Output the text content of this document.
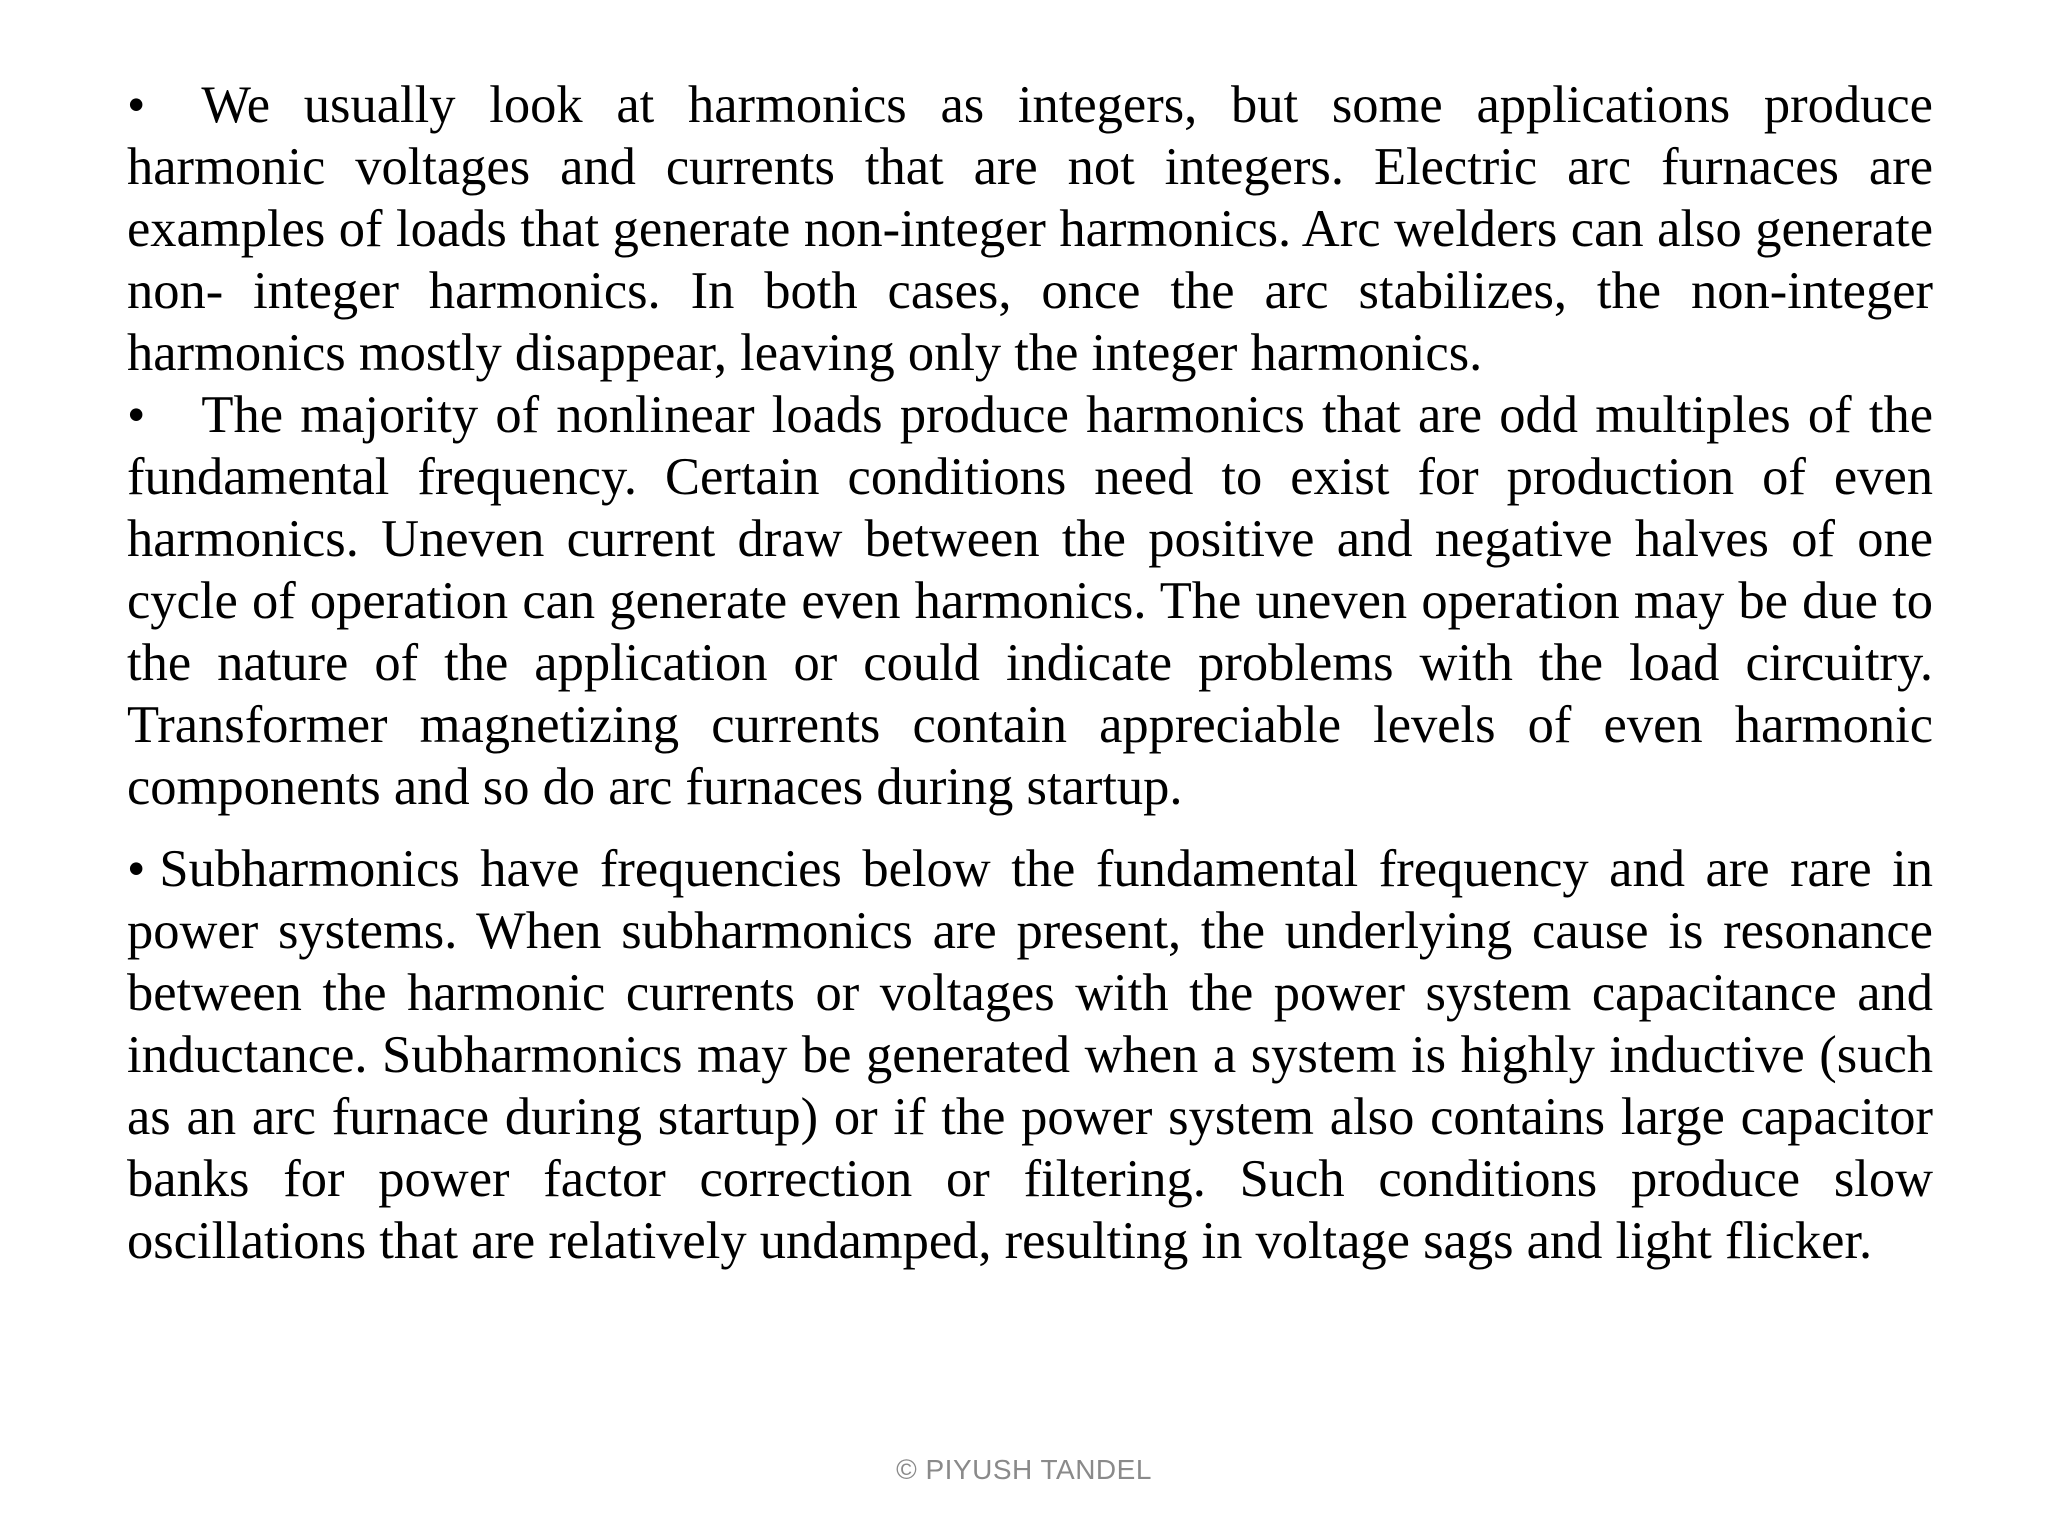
• We usually look at harmonics as integers, but some applications produce harmonic voltages and currents that are not integers. Electric arc furnaces are examples of loads that generate non-integer harmonics. Arc welders can also generate non- integer harmonics. In both cases, once the arc stabilizes, the non-integer harmonics mostly disappear, leaving only the integer harmonics.

• The majority of nonlinear loads produce harmonics that are odd multiples of the fundamental frequency. Certain conditions need to exist for production of even harmonics. Uneven current draw between the positive and negative halves of one cycle of operation can generate even harmonics. The uneven operation may be due to the nature of the application or could indicate problems with the load circuitry. Transformer magnetizing currents contain appreciable levels of even harmonic components and so do arc furnaces during startup.

• Subharmonics have frequencies below the fundamental frequency and are rare in power systems. When subharmonics are present, the underlying cause is resonance between the harmonic currents or voltages with the power system capacitance and inductance. Subharmonics may be generated when a system is highly inductive (such as an arc furnace during startup) or if the power system also contains large capacitor banks for power factor correction or filtering. Such conditions produce slow oscillations that are relatively undamped, resulting in voltage sags and light flicker.

© PIYUSH TANDEL
